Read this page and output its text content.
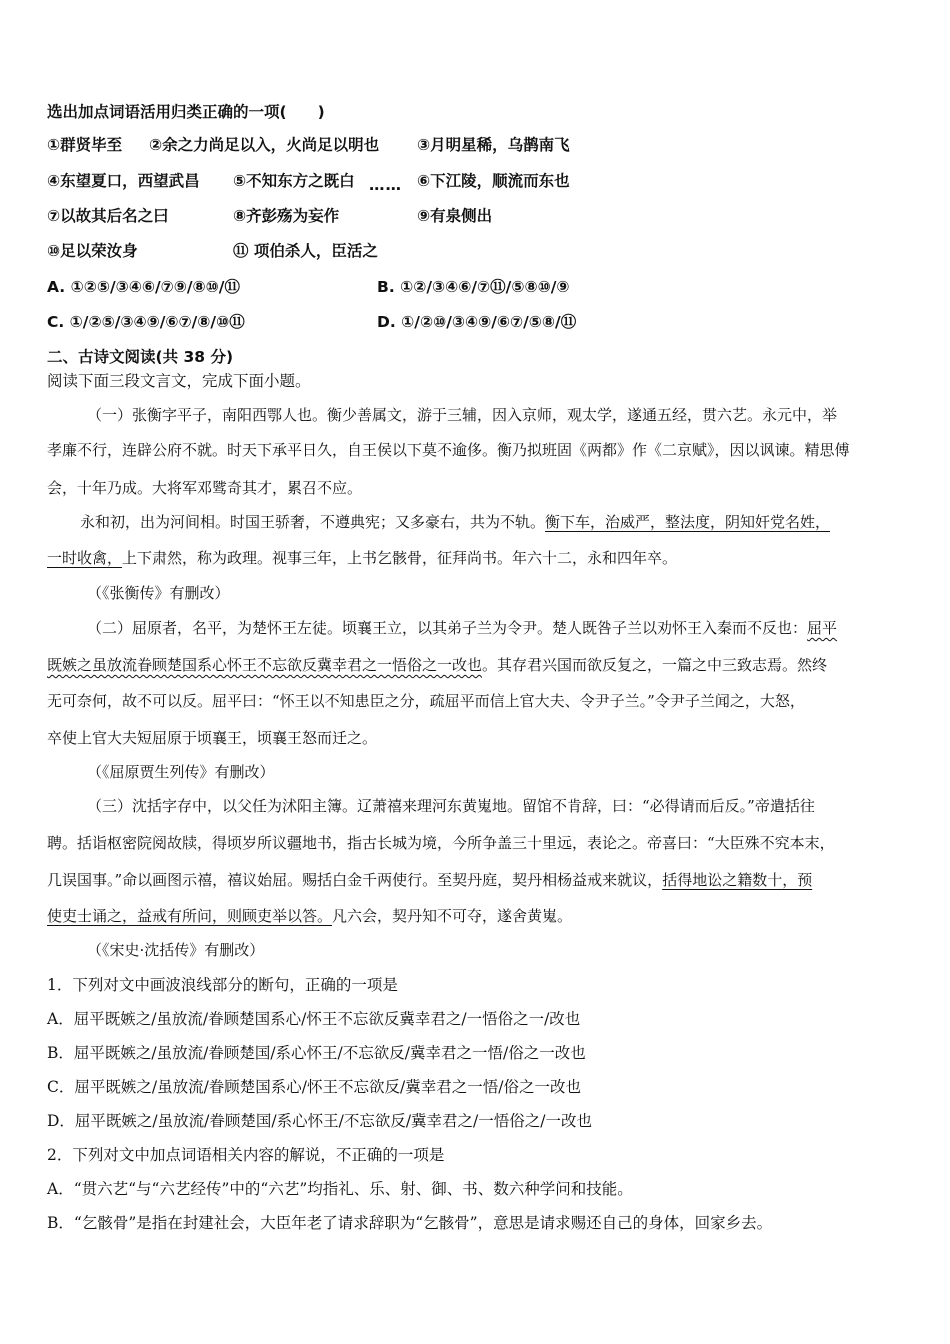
选出加点词语活用归类正确的一项(　　)
①群贤毕至 ②余之力尚足以入，火尚足以明也 ③月明星稀，乌鹊南飞
④东望夏口，西望武昌 ⑤不知东方之既白 …… ⑥下江陵，顺流而东也
⑦以故其后名之曰	⑧齐彭殇为妄作	⑨有泉侧出
⑩足以荣汝身	⑪ 项伯杀人，臣活之
A. ①②⑤/③④⑥/⑦⑨/⑧⑩/⑪	B. ①②/③④⑥/⑦⑪/⑤⑧⑩/⑨
C. ①/②⑤/③④⑨/⑥⑦/⑧/⑩⑪	D. ①/②⑩/③④⑨/⑥⑦/⑤⑧/⑪
二、古诗文阅读(共 38 分)
阅读下面三段文言文，完成下面小题。
（一）张衡字平子，南阳西鄂人也。衡少善属文，游于三辅，因入京师，观太学，遂通五经，贯六艺。永元中，举
孝廉不行，连辟公府不就。时天下承平日久，自王侯以下莫不逾侈。衡乃拟班固《两都》作《二京赋》，因以讽谏。精思傅
会，十年乃成。大将军邓骘奇其才，累召不应。
永和初，出为河间相。时国王骄奢，不遵典宪；又多豪右，共为不轨。衡下车，治威严，整法度，阴知奸党名姓，
一时收禽，上下肃然，称为政理。视事三年，上书乞骸骨，征拜尚书。年六十二，永和四年卒。
（《张衡传》有删改）
（二）屈原者，名平，为楚怀王左徒。顷襄王立，以其弟子兰为令尹。楚人既咎子兰以劝怀王入秦而不反也：屈平
既嫉之虽放流眷顾楚国系心怀王不忘欲反冀幸君之一悟俗之一改也。其存君兴国而欲反复之，一篇之中三致志焉。然终
无可奈何，故不可以反。屈平曰：“怀王以不知患臣之分，疏屈平而信上官大夫、令尹子兰。”令尹子兰闻之，大怒，
卒使上官大夫短屈原于顷襄王，顷襄王怒而迁之。
（《屈原贾生列传》有删改）
（三）沈括字存中，以父任为沭阳主簿。辽萧禧来理河东黄嵬地。留馆不肯辞，曰：“必得请而后反。”帝遣括往
聘。括诣枢密院阅故牍，得顷岁所议疆地书，指古长城为境，今所争盖三十里远，表论之。帝喜曰：“大臣殊不究本末，
几误国事。”命以画图示禧，禧议始屈。赐括白金千两使行。至契丹庭，契丹相杨益戒来就议，括得地讼之籍数十，预
使吏士诵之，益戒有所问，则顾吏举以答。凡六会，契丹知不可夺，遂舍黄嵬。
（《宋史·沈括传》有删改）
1．下列对文中画波浪线部分的断句，正确的一项是
A．屈平既嫉之/虽放流/眷顾楚国系心/怀王不忘欲反冀幸君之/一悟俗之一/改也
B．屈平既嫉之/虽放流/眷顾楚国/系心怀王/不忘欲反/冀幸君之一悟/俗之一改也
C．屈平既嫉之/虽放流/眷顾楚国系心/怀王不忘欲反/冀幸君之一悟/俗之一改也
D．屈平既嫉之/虽放流/眷顾楚国/系心怀王/不忘欲反/冀幸君之/一悟俗之/一改也
2．下列对文中加点词语相关内容的解说，不正确的一项是
A．“贯六艺“与“六艺经传”中的“六艺”均指礼、乐、射、御、书、数六种学问和技能。
B．“乞骸骨”是指在封建社会，大臣年老了请求辞职为“乞骸骨”，意思是请求赐还自己的身体，回家乡去。
